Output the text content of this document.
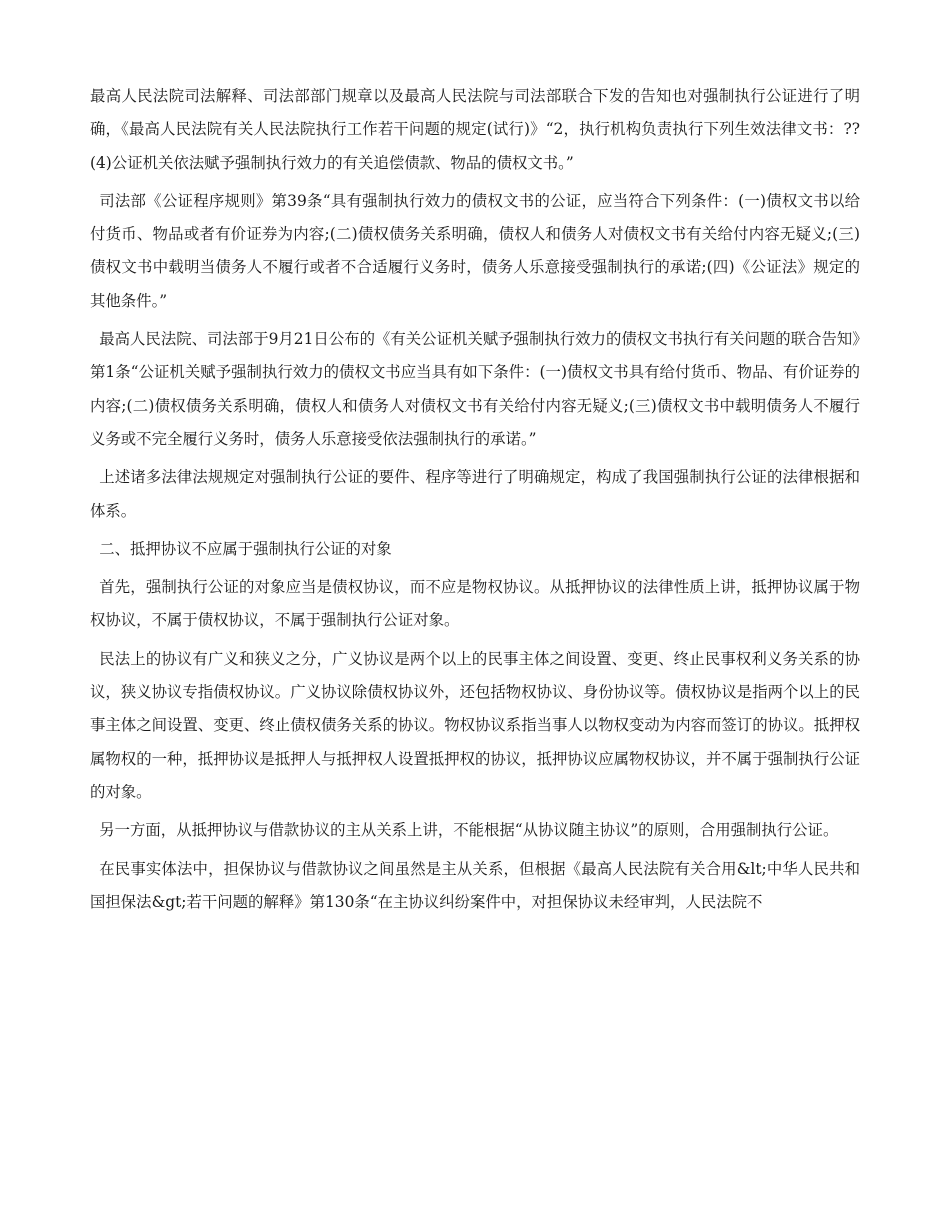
最高人民法院司法解释、司法部部门规章以及最高人民法院与司法部联合下发的告知也对强制执行公证进行了明确，《最高人民法院有关人民法院执行工作若干问题的规定(试行)》“2，执行机构负责执行下列生效法律文书：??(4)公证机关依法赋予强制执行效力的有关追偿债款、物品的债权文书。”

司法部《公证程序规则》第39条“具有强制执行效力的债权文书的公证，应当符合下列条件：(一)债权文书以给付货币、物品或者有价证券为内容;(二)债权债务关系明确，债权人和债务人对债权文书有关给付内容无疑义;(三)债权文书中载明当债务人不履行或者不合适履行义务时，债务人乐意接受强制执行的承诺;(四)《公证法》规定的其他条件。”

最高人民法院、司法部于9月21日公布的《有关公证机关赋予强制执行效力的债权文书执行有关问题的联合告知》第1条“公证机关赋予强制执行效力的债权文书应当具有如下条件：(一)债权文书具有给付货币、物品、有价证券的内容;(二)债权债务关系明确，债权人和债务人对债权文书有关给付内容无疑义;(三)债权文书中载明债务人不履行义务或不完全履行义务时，债务人乐意接受依法强制执行的承诺。”

上述诸多法律法规规定对强制执行公证的要件、程序等进行了明确规定，构成了我国强制执行公证的法律根据和体系。

二、抵押协议不应属于强制执行公证的对象

首先，强制执行公证的对象应当是债权协议，而不应是物权协议。从抵押协议的法律性质上讲，抵押协议属于物权协议，不属于债权协议，不属于强制执行公证对象。

民法上的协议有广义和狭义之分，广义协议是两个以上的民事主体之间设置、变更、终止民事权利义务关系的协议，狭义协议专指债权协议。广义协议除债权协议外，还包括物权协议、身份协议等。债权协议是指两个以上的民事主体之间设置、变更、终止债权债务关系的协议。物权协议系指当事人以物权变动为内容而签订的协议。抵押权属物权的一种，抵押协议是抵押人与抵押权人设置抵押权的协议，抵押协议应属物权协议，并不属于强制执行公证的对象。

另一方面，从抵押协议与借款协议的主从关系上讲，不能根据“从协议随主协议”的原则，合用强制执行公证。

在民事实体法中，担保协议与借款协议之间虽然是主从关系，但根据《最高人民法院有关合用&lt;中华人民共和国担保法&gt;若干问题的解释》第130条“在主协议纠纷案件中，对担保协议未经审判，人民法院不
